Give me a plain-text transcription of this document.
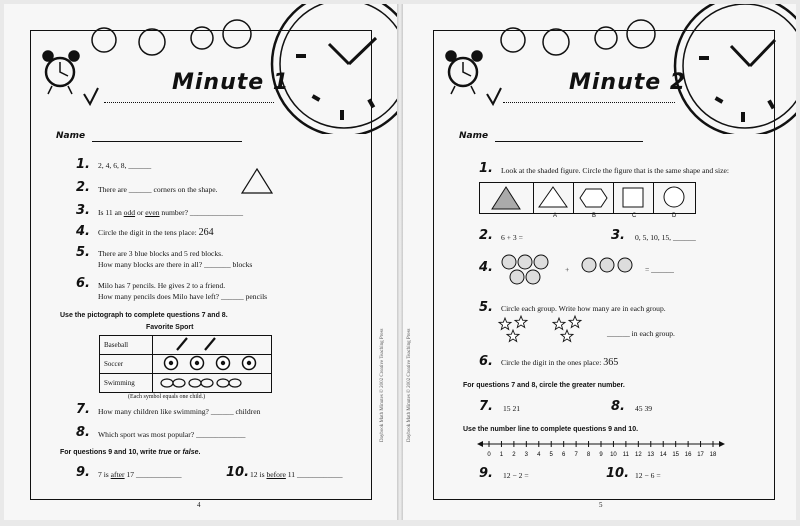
Minute 1
Name
1. 2, 4, 6, 8, ______
2. There are ______ corners on the shape.
3. Is 11 an odd or even number? ______________
4. Circle the digit in the tens place: 264
5. There are 3 blue blocks and 5 red blocks.
How many blocks are there in all? _______ blocks
6. Milo has 7 pencils. He gives 2 to a friend.
How many pencils does Milo have left? ______ pencils
Use the pictograph to complete questions 7 and 8.
Favorite Sport
Baseball	
Soccer	
Swimming	
(Each symbol equals one child.)
7. How many children like swimming? ______ children
8. Which sport was most popular? _____________
For questions 9 and 10, write true or false.
9. 7 is after 17 ____________	10. 12 is before 11 ____________
4
Daybook Math Minutes © 2002 Creative Teaching Press
Minute 2
Name
1. Look at the shaded figure. Circle the figure that is the same shape and size:
A	B	C	D
2. 6 + 3 =	3. 0, 5, 10, 15, ______
4.	+	= ______
5. Circle each group. Write how many are in each group.
______ in each group.
6. Circle the digit in the ones place: 365
For questions 7 and 8, circle the greater number.
7. 15 21	8. 45 39
Use the number line to complete questions 9 and 10.
0 1 2 3 4 5 6 7 8 9 10 11 12 13 14 15 16 17 18
9. 12 − 2 =	10. 12 − 6 =
5
Daybook Math Minutes © 2002 Creative Teaching Press
